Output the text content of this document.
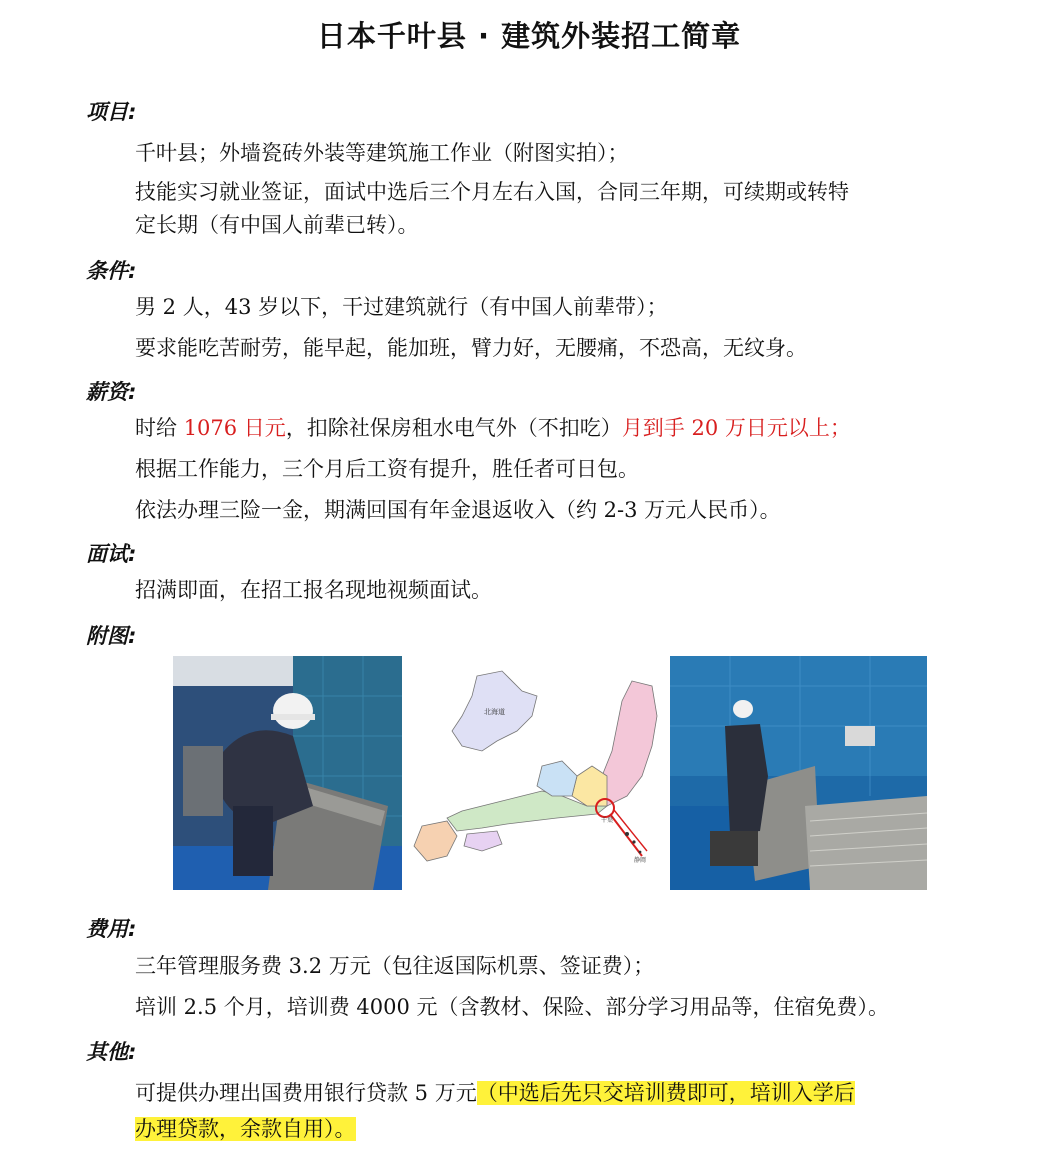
日本千叶县 · 建筑外装招工简章
项目:
千叶县；外墙瓷砖外装等建筑施工作业（附图实拍）；
技能实习就业签证，面试中选后三个月左右入国，合同三年期，可续期或转特
定长期（有中国人前辈已转）。
条件:
男 2 人，43 岁以下，干过建筑就行（有中国人前辈带）；
要求能吃苦耐劳，能早起，能加班，臂力好，无腰痛，不恐高，无纹身。
薪资:
时给 1076 日元，扣除社保房租水电气外（不扣吃）月到手 20 万日元以上；
根据工作能力，三个月后工资有提升，胜任者可日包。
依法办理三险一金，期满回国有年金退返收入（约 2-3 万元人民币）。
面试:
招满即面，在招工报名现地视频面试。
附图:
北海道
千葉
静岡
费用:
三年管理服务费 3.2 万元（包往返国际机票、签证费）；
培训 2.5 个月，培训费 4000 元（含教材、保险、部分学习用品等，住宿免费）。
其他:
可提供办理出国费用银行贷款 5 万元（中选后先只交培训费即可，培训入学后
办理贷款，余款自用）。
